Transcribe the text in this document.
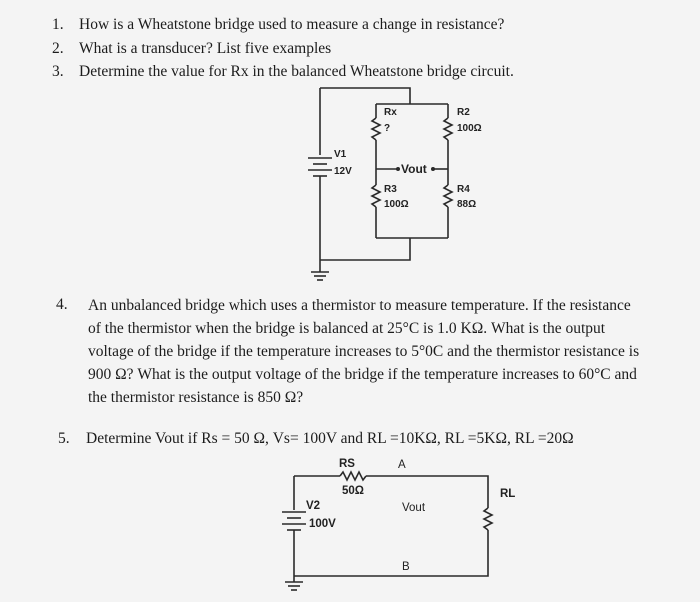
1. How is a Wheatstone bridge used to measure a change in resistance?
2. What is a transducer? List five examples
3. Determine the value for Rx in the balanced Wheatstone bridge circuit.
Rx
?
R2
100Ω
V1
12V	Vout
R3
100Ω
R4
88Ω
4. An unbalanced bridge which uses a thermistor to measure temperature. If the resistance
of the thermistor when the bridge is balanced at 25°C is 1.0 KΩ. What is the output
voltage of the bridge if the temperature increases to 5°0C and the thermistor resistance is
900 Ω? What is the output voltage of the bridge if the temperature increases to 60°C and
the thermistor resistance is 850 Ω?
5. Determine Vout if Rs = 50 Ω, Vs= 100V and RL =10KΩ, RL =5KΩ, RL =20Ω
RS	A
50Ω	RL
V2
100V
Vout
B
